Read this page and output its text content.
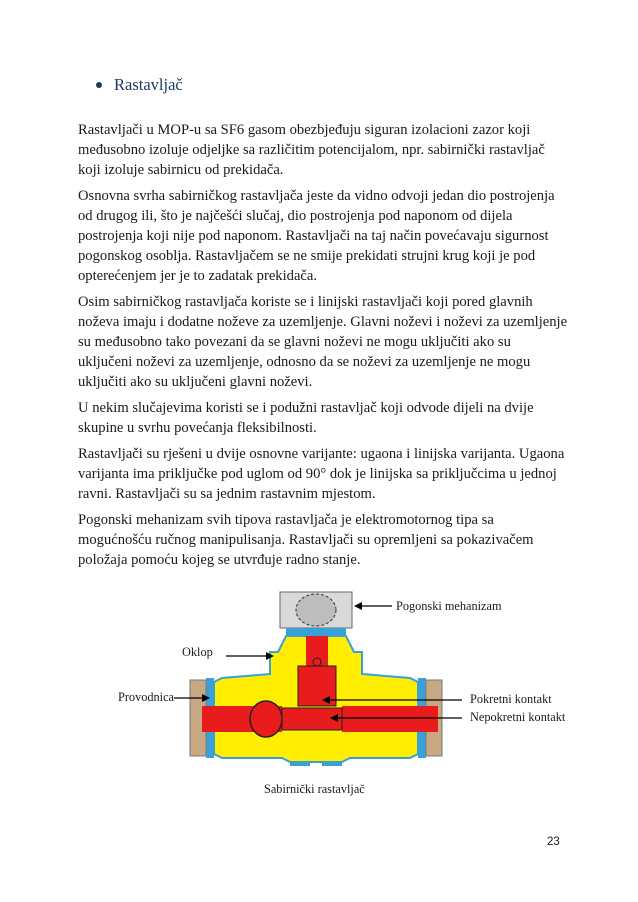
Rastavljač

Rastavljači u MOP-u sa SF6 gasom obezbjeđuju siguran izolacioni zazor koji međusobno izoluje odjeljke sa različitim potencijalom, npr. sabirnički rastavljač koji izoluje sabirnicu od prekidača.

Osnovna svrha sabirničkog rastavljača jeste da vidno odvoji jedan dio postrojenja od drugog ili, što je najčešći slučaj, dio postrojenja pod naponom od dijela postrojenja koji nije pod naponom. Rastavljači na taj način povećavaju sigurnost pogonskog osoblja. Rastavljačem se ne smije prekidati strujni krug koji je pod opterećenjem jer je to zadatak prekidača.

Osim sabirničkog rastavljača koriste se i linijski rastavljači koji pored glavnih noževa imaju i dodatne noževe za uzemljenje. Glavni noževi i noževi za uzemljenje su međusobno tako povezani da se glavni noževi ne mogu uključiti ako su uključeni noževi za uzemljenje, odnosno da se noževi za uzemljenje ne mogu uključiti ako su uključeni glavni noževi.

U nekim slučajevima koristi se i podužni rastavljač koji odvode dijeli na dvije skupine u svrhu povećanja fleksibilnosti.

Rastavljači su rješeni u dvije osnovne varijante: ugaona i linijska varijanta. Ugaona varijanta ima priključke pod uglom od 90° dok je linijska sa priključcima u jednoj ravni. Rastavljači su sa jednim rastavnim mjestom.

Pogonski mehanizam svih tipova rastavljača je elektromotornog tipa sa mogućnošću ručnog manipulisanja. Rastavljači su opremljeni sa pokazivačem položaja pomoću kojeg se utvrđuje radno stanje.

Pogonski mehanizam
Oklop
Provodnica	Pokretni kontakt
Nepokretni kontakt
Sabirnički rastavljač
23
